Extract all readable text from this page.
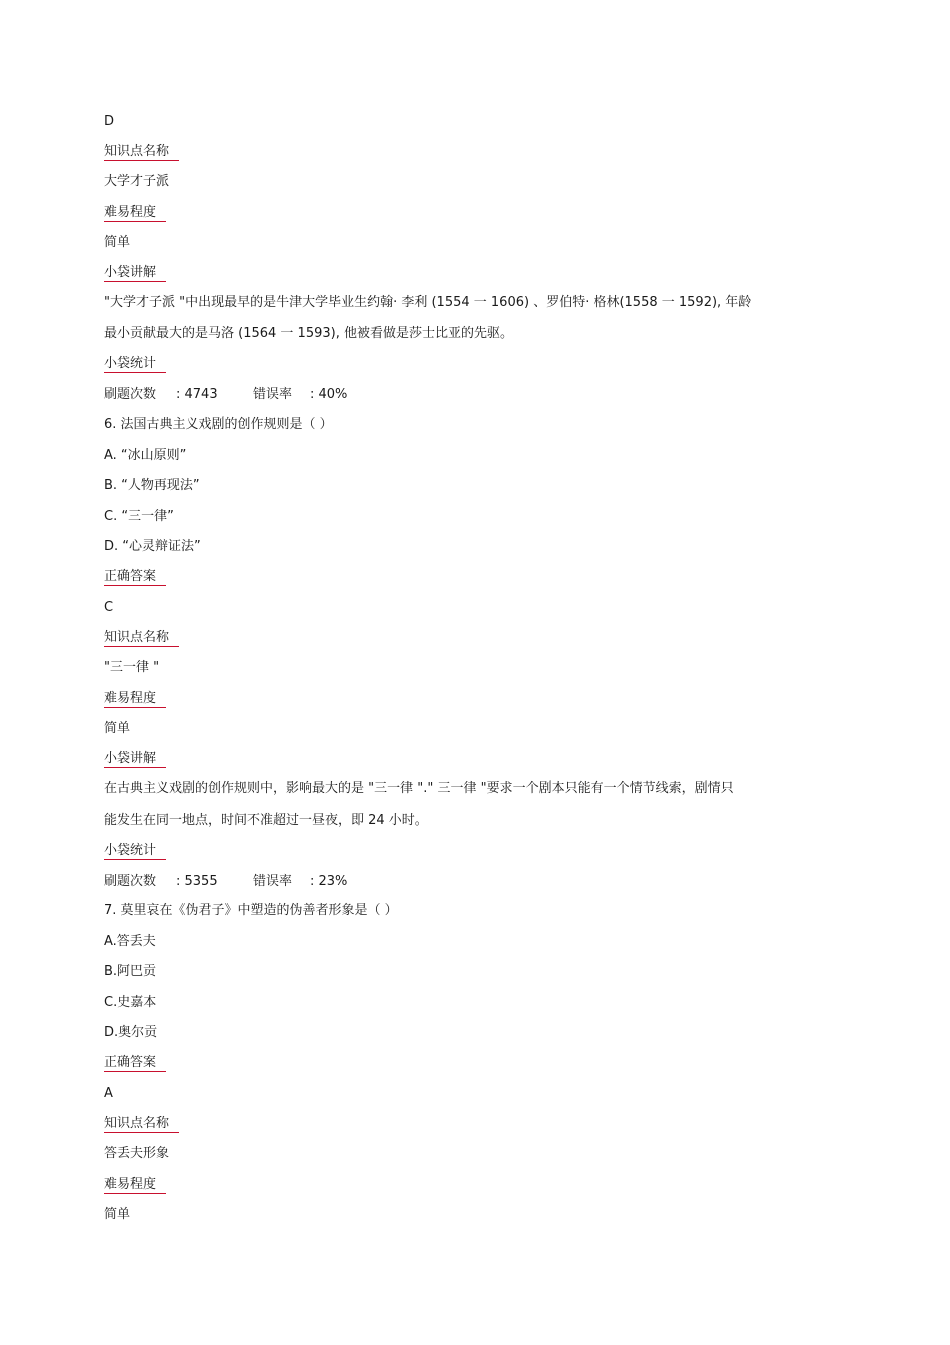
D
知识点名称
大学才子派
难易程度
简单
小袋讲解
"大学才子派 "中出现最早的是牛津大学毕业生约翰· 李利 (1554 一 1606) 、罗伯特· 格林(1558 一 1592), 年龄
最小贡献最大的是马洛 (1564 一 1593), 他被看做是莎士比亚的先驱。
小袋统计
刷题次数 : 4743	错误率 : 40%
6. 法国古典主义戏剧的创作规则是（ ）
A. “冰山原则”
B. “人物再现法”
C. “三一律”
D. “心灵辩证法”
正确答案
C
知识点名称
"三一律 "
难易程度
简单
小袋讲解
在古典主义戏剧的创作规则中，影响最大的是 "三一律 "." 三一律 "要求一个剧本只能有一个情节线索，剧情只
能发生在同一地点，时间不准超过一昼夜，即 24 小时。
小袋统计
刷题次数 : 5355	错误率 : 23%
7. 莫里哀在《伪君子》中塑造的伪善者形象是（ ）
A.答丢夫
B.阿巴贡
C.史嘉本
D.奥尔贡
正确答案
A
知识点名称
答丢夫形象
难易程度
简单
